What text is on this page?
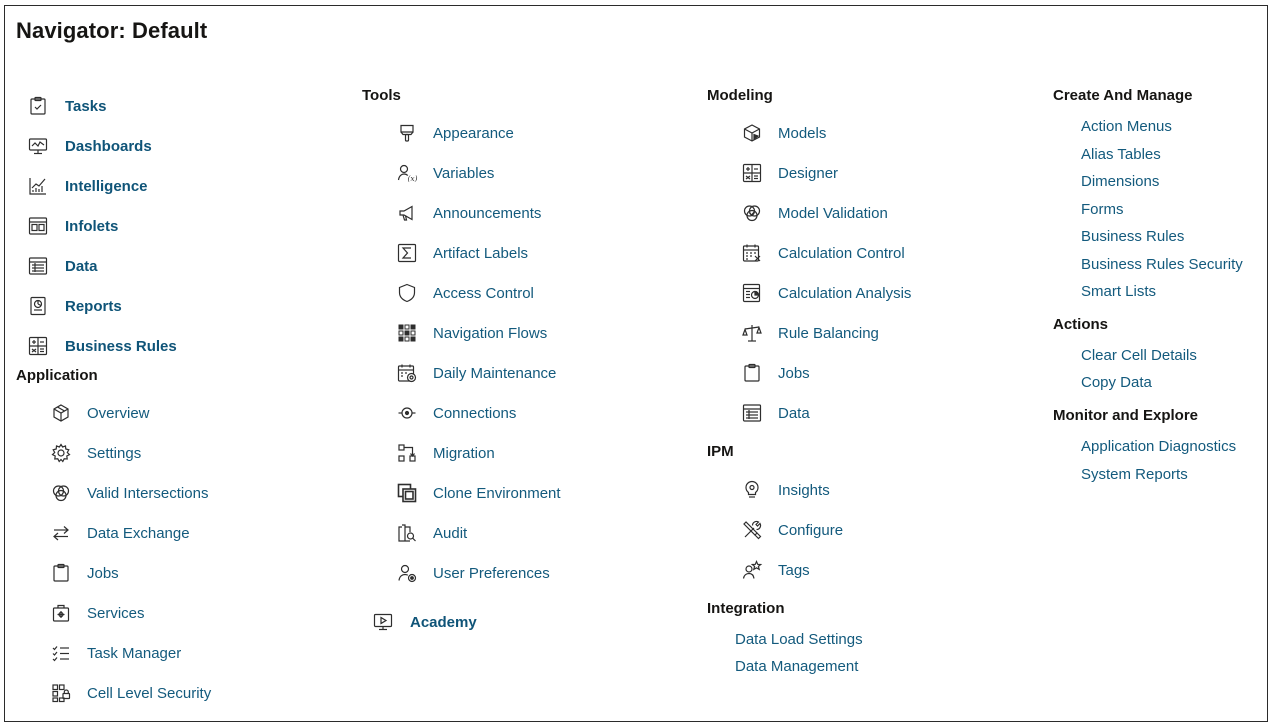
Navigator: Default
Tasks
Dashboards
Intelligence
Infolets
Data
Reports
Business Rules
Application
Overview
Settings
Valid Intersections
Data Exchange
Jobs
Services
Task Manager
Cell Level Security
Tools
Appearance
(x) Variables
Announcements
Artifact Labels
Access Control
Navigation Flows
Daily Maintenance
Connections
Migration
Clone Environment
Audit
User Preferences
Academy
Modeling
Models
Designer
Model Validation
Calculation Control
Calculation Analysis
Rule Balancing
Jobs
Data
IPM
Insights
Configure
Tags
Integration
Data Load Settings
Data Management
Create And Manage
Action Menus
Alias Tables
Dimensions
Forms
Business Rules
Business Rules Security
Smart Lists
Actions
Clear Cell Details
Copy Data
Monitor and Explore
Application Diagnostics
System Reports
